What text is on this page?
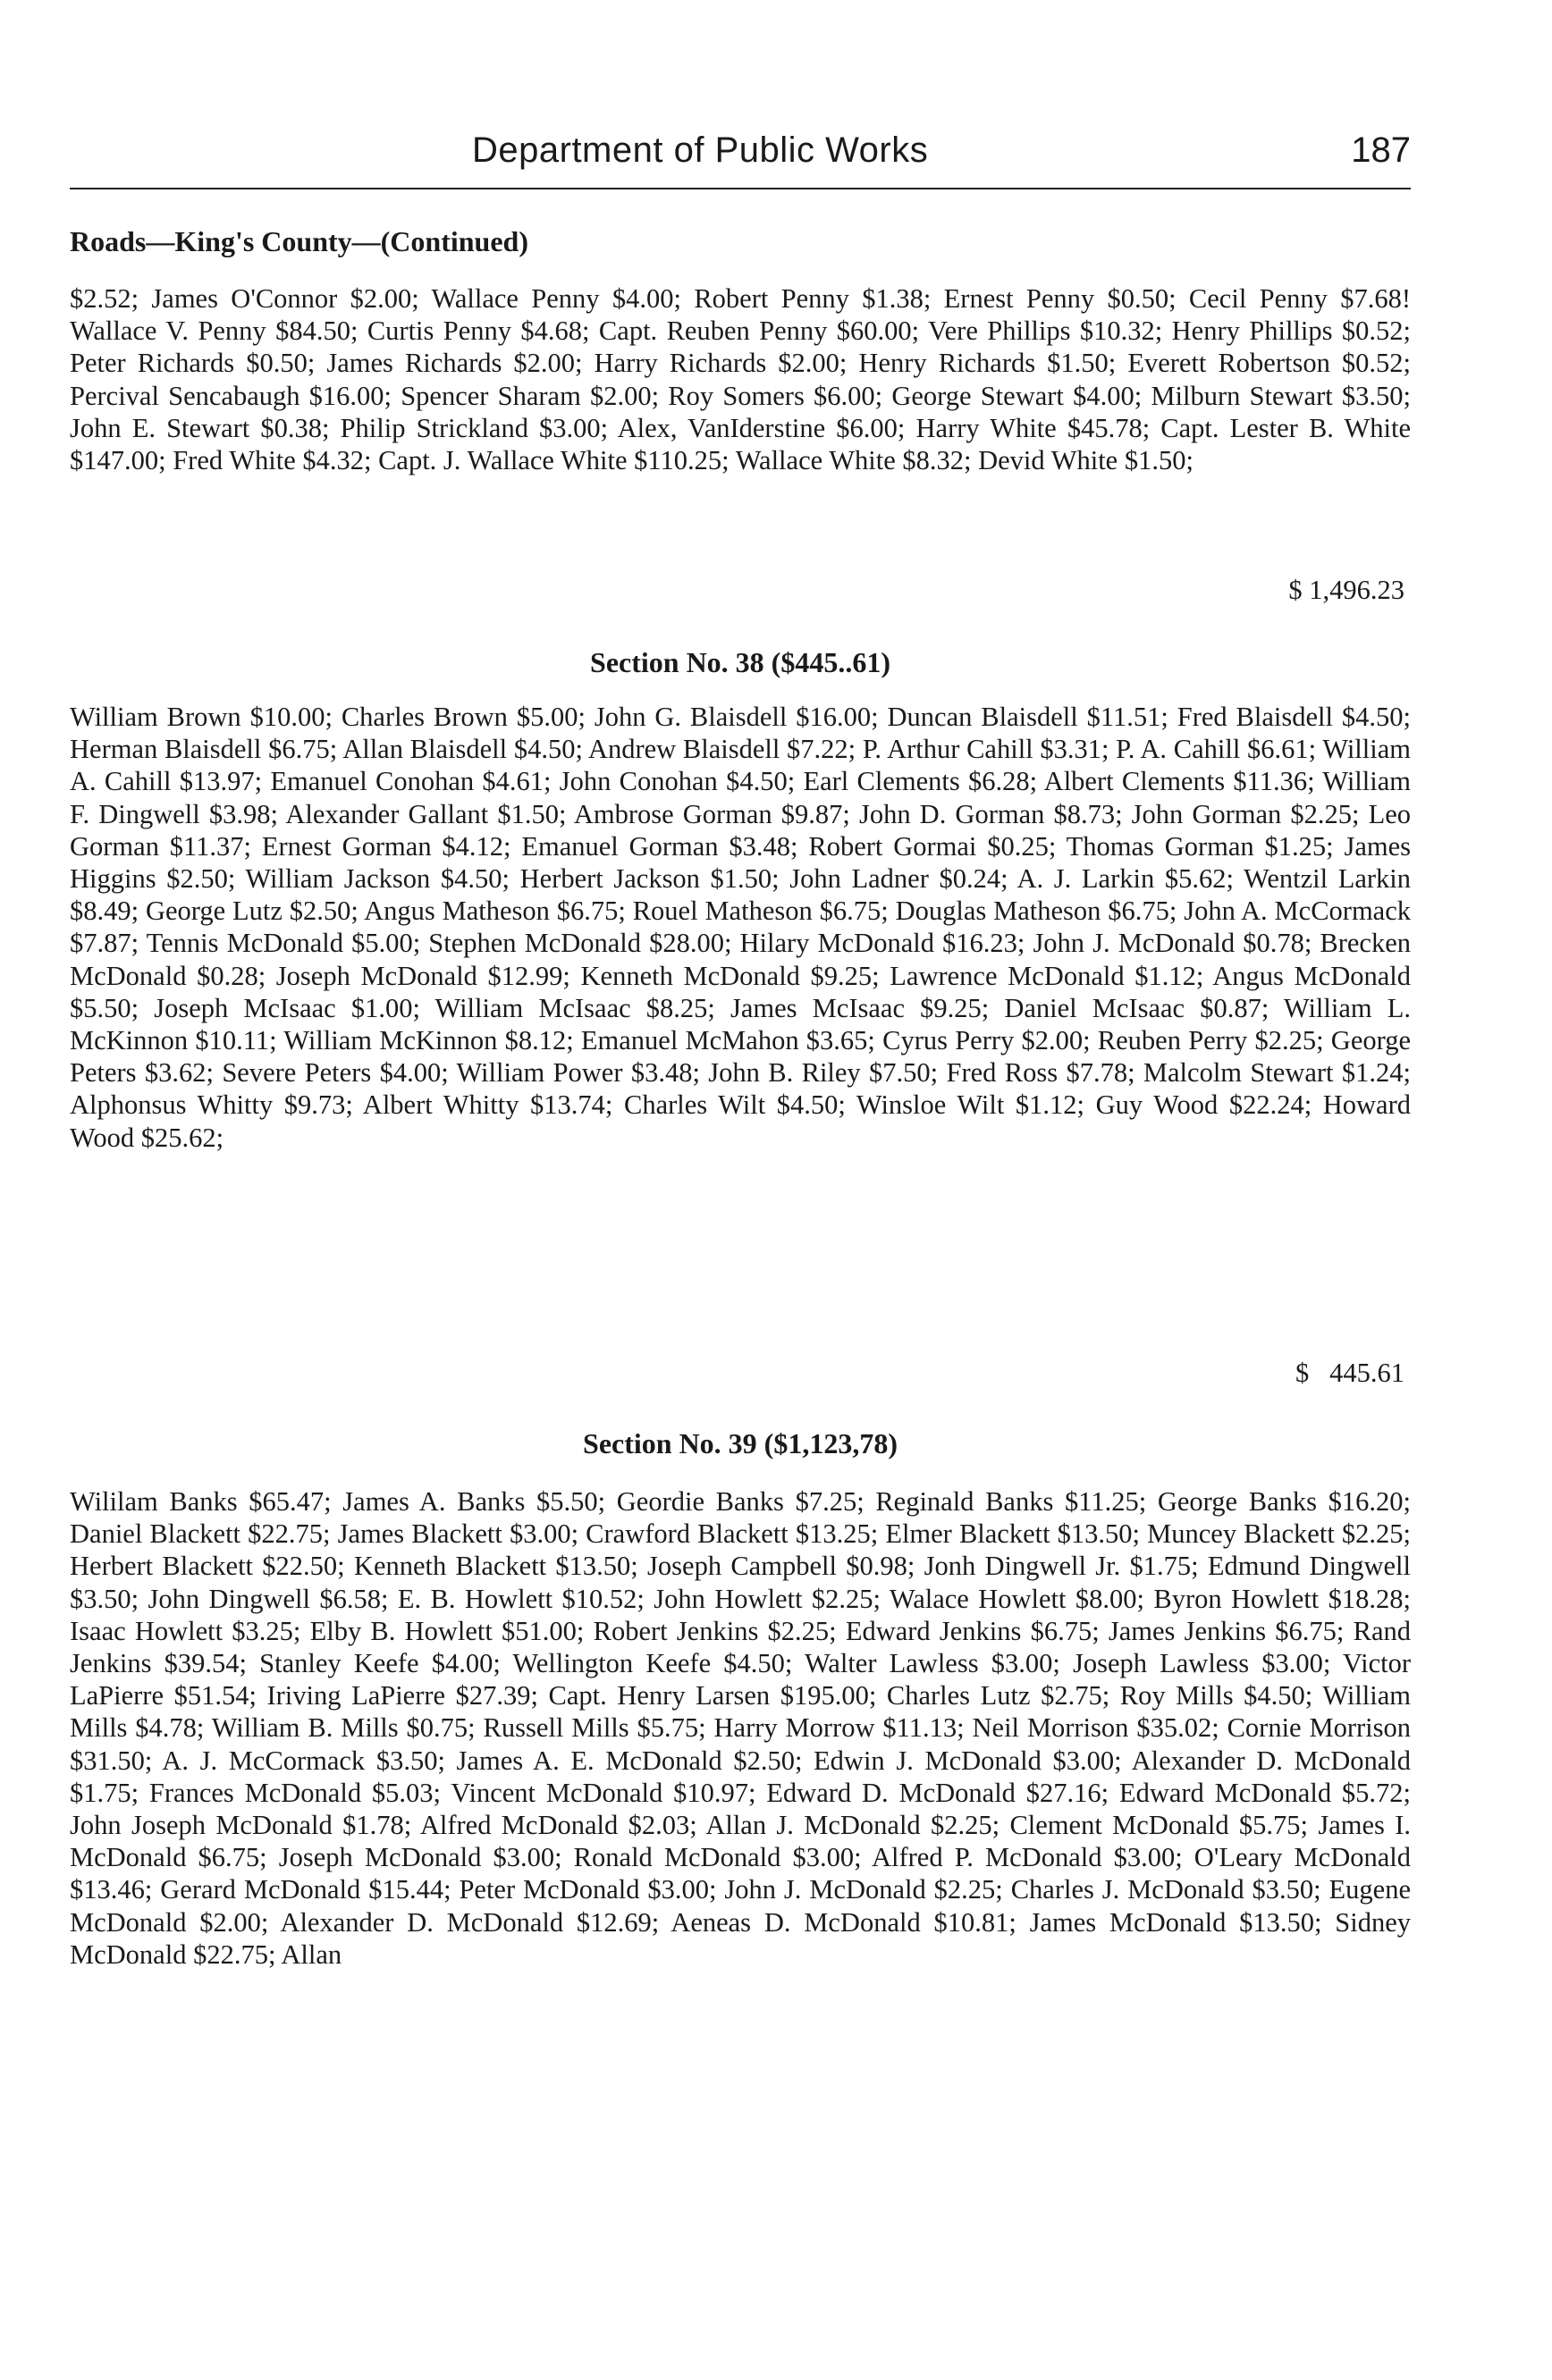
Department of Public Works	187
Roads—King's County—(Continued)
$2.52; James O'Connor $2.00; Wallace Penny $4.00; Robert Penny $1.38; Ernest Penny $0.50; Cecil Penny $7.68! Wallace V. Penny $84.50; Curtis Penny $4.68; Capt. Reuben Penny $60.00; Vere Phillips $10.32; Henry Phillips $0.52; Peter Richards $0.50; James Richards $2.00; Harry Richards $2.00; Henry Richards $1.50; Everett Robertson $0.52; Percival Sencabaugh $16.00; Spencer Sharam $2.00; Roy Somers $6.00; George Stewart $4.00; Milburn Stewart $3.50; John E. Stewart $0.38; Philip Strickland $3.00; Alex, VanIderstine $6.00; Harry White $45.78; Capt. Lester B. White $147.00; Fred White $4.32; Capt. J. Wallace White $110.25; Wallace White $8.32; Devid White $1.50;
$ 1,496.23
Section No. 38 ($445..61)
William Brown $10.00; Charles Brown $5.00; John G. Blaisdell $16.00; Duncan Blaisdell $11.51; Fred Blaisdell $4.50; Herman Blaisdell $6.75; Allan Blaisdell $4.50; Andrew Blaisdell $7.22; P. Arthur Cahill $3.31; P. A. Cahill $6.61; William A. Cahill $13.97; Emanuel Conohan $4.61; John Conohan $4.50; Earl Clements $6.28; Albert Clements $11.36; William F. Dingwell $3.98; Alexander Gallant $1.50; Ambrose Gorman $9.87; John D. Gorman $8.73; John Gorman $2.25; Leo Gorman $11.37; Ernest Gorman $4.12; Emanuel Gorman $3.48; Robert Gormai $0.25; Thomas Gorman $1.25; James Higgins $2.50; William Jackson $4.50; Herbert Jackson $1.50; John Ladner $0.24; A. J. Larkin $5.62; Wentzil Larkin $8.49; George Lutz $2.50; Angus Matheson $6.75; Rouel Matheson $6.75; Douglas Matheson $6.75; John A. McCormack $7.87; Tennis McDonald $5.00; Stephen McDonald $28.00; Hilary McDonald $16.23; John J. McDonald $0.78; Brecken McDonald $0.28; Joseph McDonald $12.99; Kenneth McDonald $9.25; Lawrence McDonald $1.12; Angus McDonald $5.50; Joseph McIsaac $1.00; William McIsaac $8.25; James McIsaac $9.25; Daniel McIsaac $0.87; William L. McKinnon $10.11; William McKinnon $8.12; Emanuel McMahon $3.65; Cyrus Perry $2.00; Reuben Perry $2.25; George Peters $3.62; Severe Peters $4.00; William Power $3.48; John B. Riley $7.50; Fred Ross $7.78; Malcolm Stewart $1.24; Alphonsus Whitty $9.73; Albert Whitty $13.74; Charles Wilt $4.50; Winsloe Wilt $1.12; Guy Wood $22.24; Howard Wood $25.62;
$   445.61
Section No. 39 ($1,123,78)
Wililam Banks $65.47; James A. Banks $5.50; Geordie Banks $7.25; Reginald Banks $11.25; George Banks $16.20; Daniel Blackett $22.75; James Blackett $3.00; Crawford Blackett $13.25; Elmer Blackett $13.50; Muncey Blackett $2.25; Herbert Blackett $22.50; Kenneth Blackett $13.50; Joseph Campbell $0.98; Jonh Dingwell Jr. $1.75; Edmund Dingwell $3.50; John Dingwell $6.58; E. B. Howlett $10.52; John Howlett $2.25; Walace Howlett $8.00; Byron Howlett $18.28; Isaac Howlett $3.25; Elby B. Howlett $51.00; Robert Jenkins $2.25; Edward Jenkins $6.75; James Jenkins $6.75; Rand Jenkins $39.54; Stanley Keefe $4.00; Wellington Keefe $4.50; Walter Lawless $3.00; Joseph Lawless $3.00; Victor LaPierre $51.54; Iriving LaPierre $27.39; Capt. Henry Larsen $195.00; Charles Lutz $2.75; Roy Mills $4.50; William Mills $4.78; William B. Mills $0.75; Russell Mills $5.75; Harry Morrow $11.13; Neil Morrison $35.02; Cornie Morrison $31.50; A. J. McCormack $3.50; James A. E. McDonald $2.50; Edwin J. McDonald $3.00; Alexander D. McDonald $1.75; Frances McDonald $5.03; Vincent McDonald $10.97; Edward D. McDonald $27.16; Edward McDonald $5.72; John Joseph McDonald $1.78; Alfred McDonald $2.03; Allan J. McDonald $2.25; Clement McDonald $5.75; James I. McDonald $6.75; Joseph McDonald $3.00; Ronald McDonald $3.00; Alfred P. McDonald $3.00; O'Leary McDonald $13.46; Gerard McDonald $15.44; Peter McDonald $3.00; John J. McDonald $2.25; Charles J. McDonald $3.50; Eugene McDonald $2.00; Alexander D. McDonald $12.69; Aeneas D. McDonald $10.81; James McDonald $13.50; Sidney McDonald $22.75; Allan
